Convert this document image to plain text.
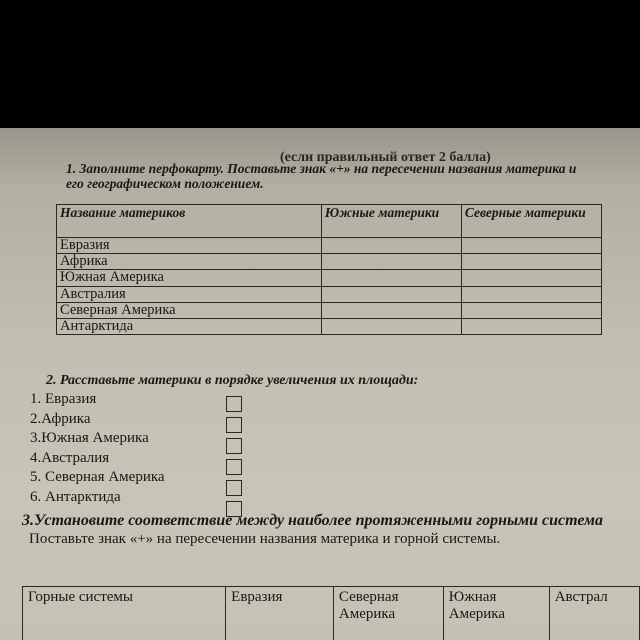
(если правильный ответ 2 балла)
1. Заполните перфокарту. Поставьте знак «+» на пересечении названия материка и
его географическом положением.
Название материков	Южные материки	Северные материки
Евразия		
Африка		
Южная Америка		
Австралия		
Северная Америка		
Антарктида		
2. Расставьте материки в порядке увеличения их площади:
1. Евразия
2.Африка
3.Южная Америка
4.Австралия
5. Северная Америка
6. Антарктида
3.Установите соответствие между наиболее протяженными горными система
Поставьте знак «+» на пересечении названия материка и горной системы.
Горные системы	Евразия	Северная Америка	Южная Америка	Австрал
